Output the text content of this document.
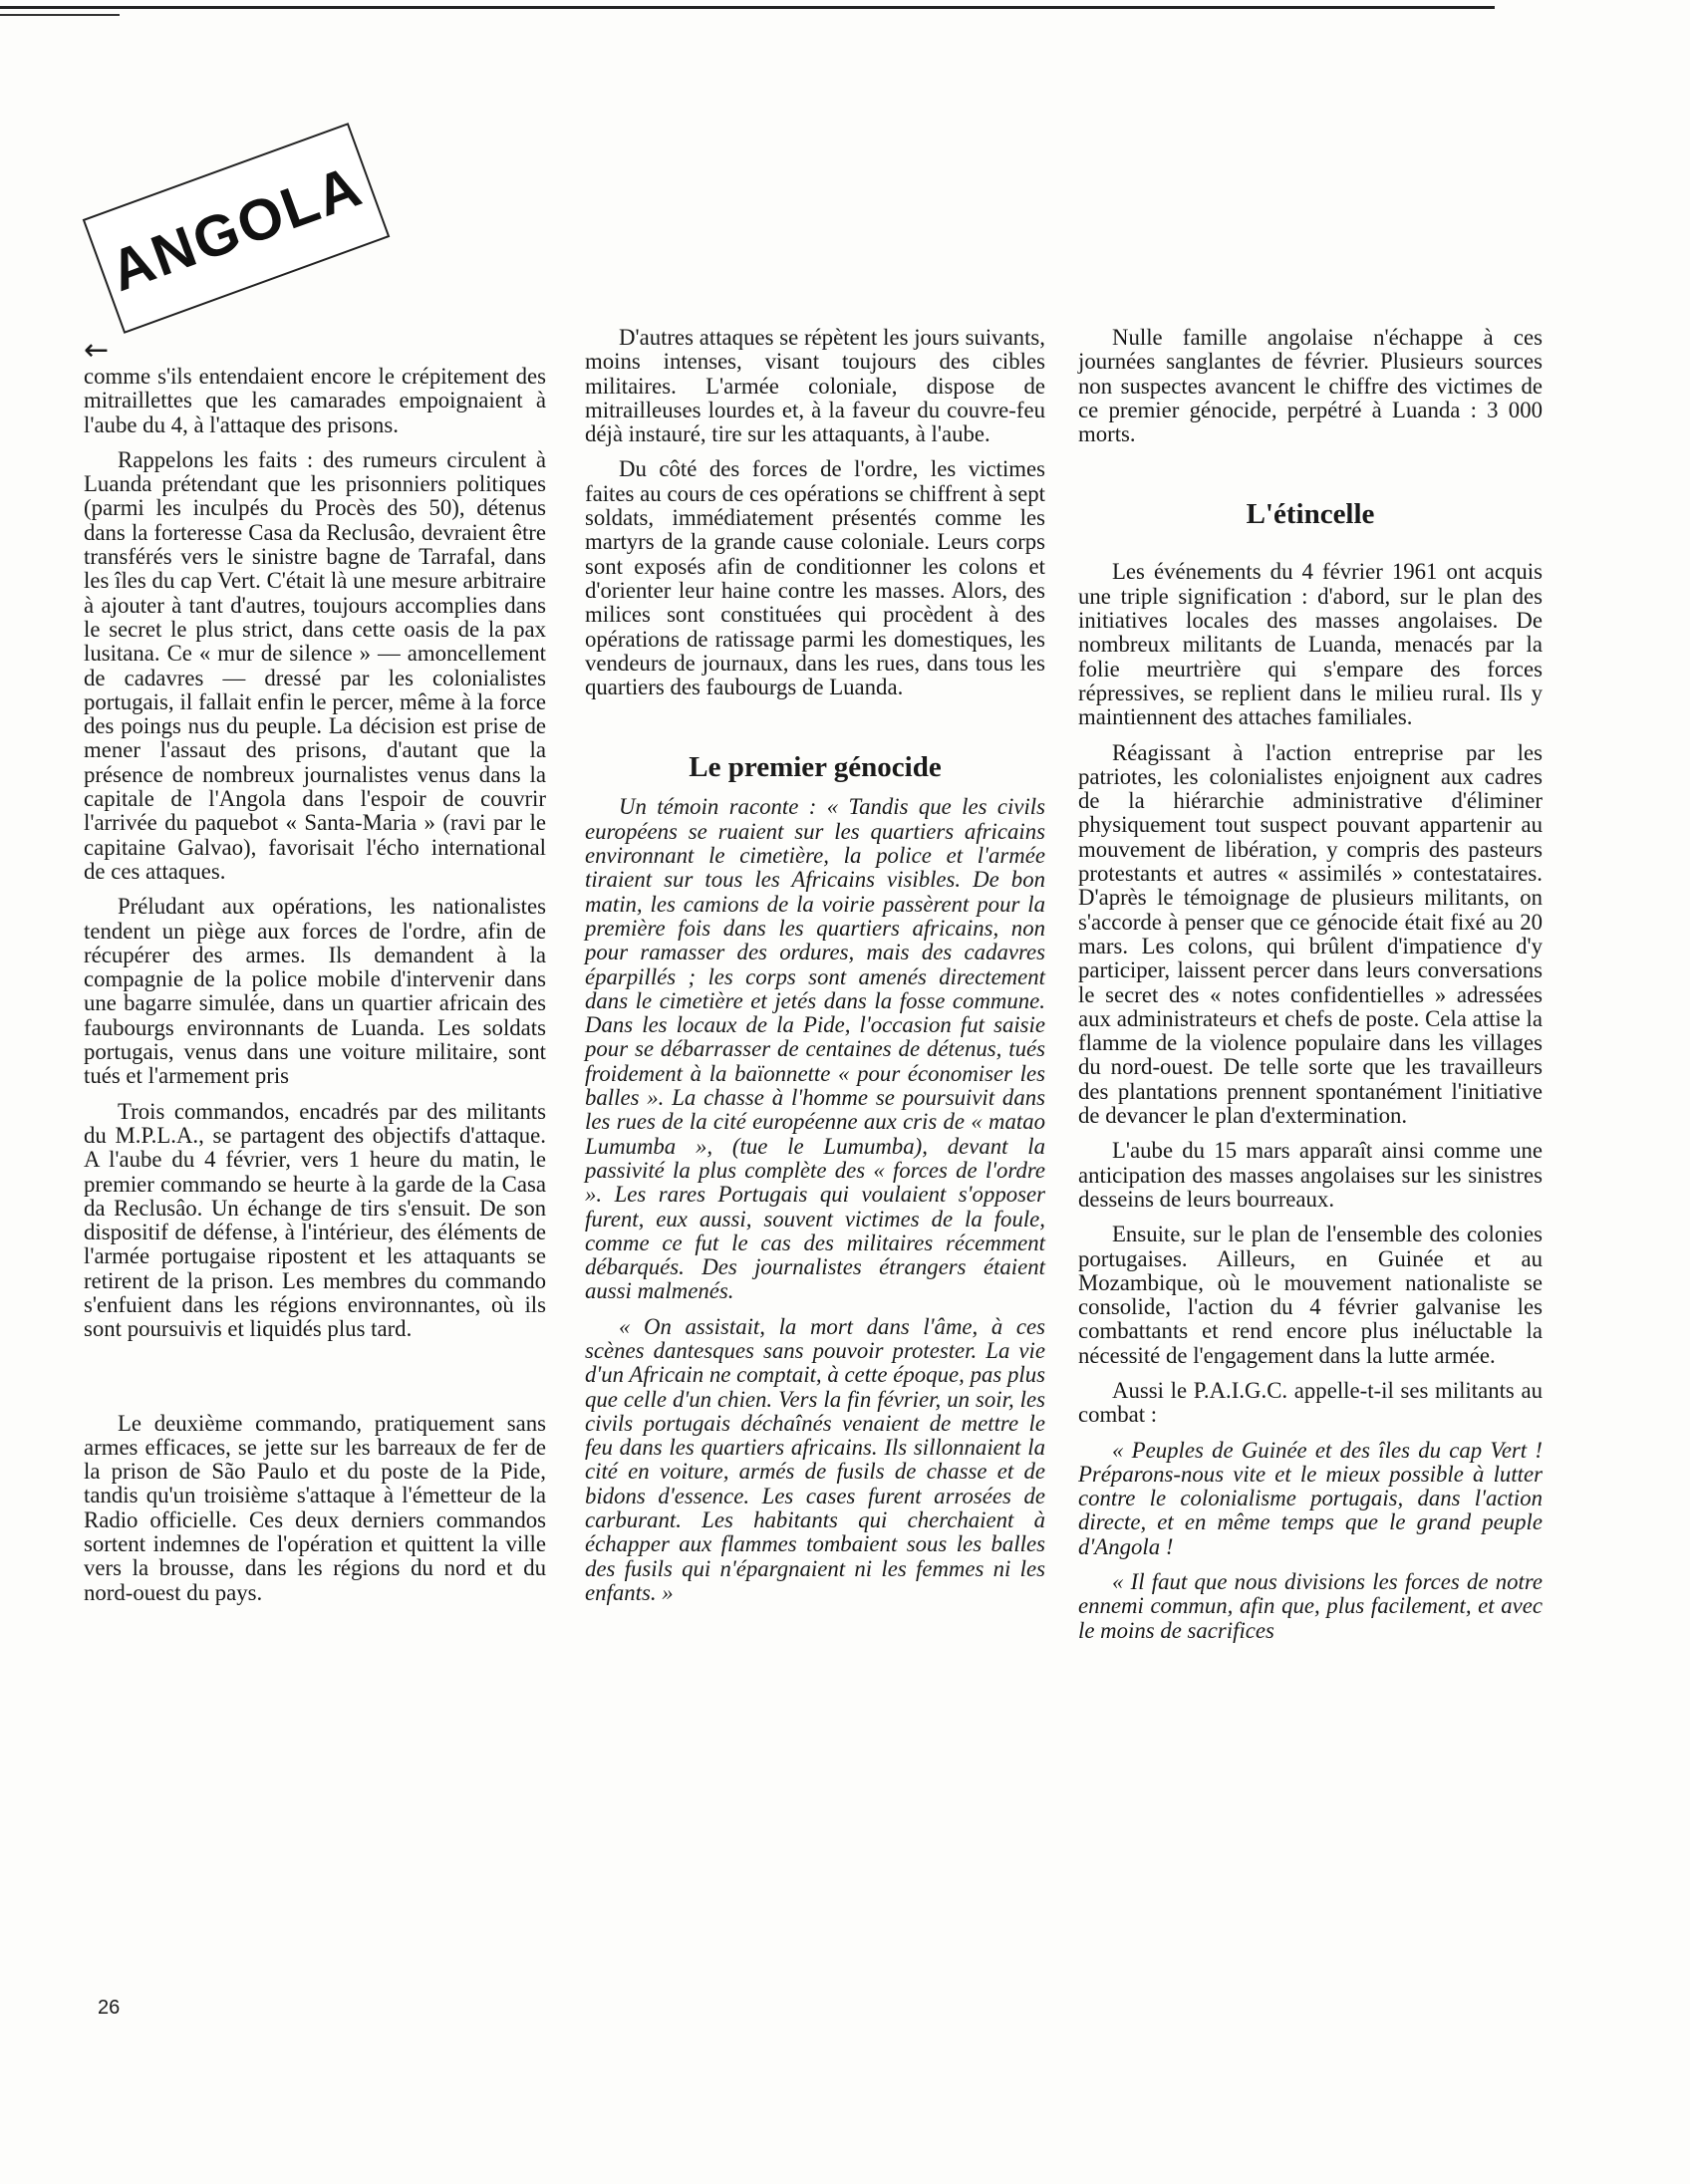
ANGOLA
←

comme s'ils entendaient encore le crépitement des mitraillettes que les camarades empoignaient à l'aube du 4, à l'attaque des prisons.

Rappelons les faits : des rumeurs circulent à Luanda prétendant que les prisonniers politiques (parmi les inculpés du Procès des 50), détenus dans la forteresse Casa da Reclusâo, devraient être transférés vers le sinistre bagne de Tarrafal, dans les îles du cap Vert. C'était là une mesure arbitraire à ajouter à tant d'autres, toujours accomplies dans le secret le plus strict, dans cette oasis de la pax lusitana. Ce « mur de silence » — amoncellement de cadavres — dressé par les colonialistes portugais, il fallait enfin le percer, même à la force des poings nus du peuple. La décision est prise de mener l'assaut des prisons, d'autant que la présence de nombreux journalistes venus dans la capitale de l'Angola dans l'espoir de couvrir l'arrivée du paquebot « Santa-Maria » (ravi par le capitaine Galvao), favorisait l'écho international de ces attaques.

Préludant aux opérations, les nationalistes tendent un piège aux forces de l'ordre, afin de récupérer des armes. Ils demandent à la compagnie de la police mobile d'intervenir dans une bagarre simulée, dans un quartier africain des faubourgs environnants de Luanda. Les soldats portugais, venus dans une voiture militaire, sont tués et l'armement pris

Trois commandos, encadrés par des militants du M.P.L.A., se partagent des objectifs d'attaque. A l'aube du 4 février, vers 1 heure du matin, le premier commando se heurte à la garde de la Casa da Reclusâo. Un échange de tirs s'ensuit. De son dispositif de défense, à l'intérieur, des éléments de l'armée portugaise ripostent et les attaquants se retirent de la prison. Les membres du commando s'enfuient dans les régions environnantes, où ils sont poursuivis et liquidés plus tard.

Le deuxième commando, pratiquement sans armes efficaces, se jette sur les barreaux de fer de la prison de São Paulo et du poste de la Pide, tandis qu'un troisième s'attaque à l'émetteur de la Radio officielle. Ces deux derniers commandos sortent indemnes de l'opération et quittent la ville vers la brousse, dans les régions du nord et du nord-ouest du pays.

D'autres attaques se répètent les jours suivants, moins intenses, visant toujours des cibles militaires. L'armée coloniale, dispose de mitrailleuses lourdes et, à la faveur du couvre-feu déjà instauré, tire sur les attaquants, à l'aube.

Du côté des forces de l'ordre, les victimes faites au cours de ces opérations se chiffrent à sept soldats, immédiatement présentés comme les martyrs de la grande cause coloniale. Leurs corps sont exposés afin de conditionner les colons et d'orienter leur haine contre les masses. Alors, des milices sont constituées qui procèdent à des opérations de ratissage parmi les domestiques, les vendeurs de journaux, dans les rues, dans tous les quartiers des faubourgs de Luanda.

Le premier génocide

Un témoin raconte : « Tandis que les civils européens se ruaient sur les quartiers africains environnant le cimetière, la police et l'armée tiraient sur tous les Africains visibles. De bon matin, les camions de la voirie passèrent pour la première fois dans les quartiers africains, non pour ramasser des ordures, mais des cadavres éparpillés ; les corps sont amenés directement dans le cimetière et jetés dans la fosse commune. Dans les locaux de la Pide, l'occasion fut saisie pour se débarrasser de centaines de détenus, tués froidement à la baïonnette « pour économiser les balles ». La chasse à l'homme se poursuivit dans les rues de la cité européenne aux cris de « matao Lumumba », (tue le Lumumba), devant la passivité la plus complète des « forces de l'ordre ». Les rares Portugais qui voulaient s'opposer furent, eux aussi, souvent victimes de la foule, comme ce fut le cas des militaires récemment débarqués. Des journalistes étrangers étaient aussi malmenés.

« On assistait, la mort dans l'âme, à ces scènes dantesques sans pouvoir protester. La vie d'un Africain ne comptait, à cette époque, pas plus que celle d'un chien. Vers la fin février, un soir, les civils portugais déchaînés venaient de mettre le feu dans les quartiers africains. Ils sillonnaient la cité en voiture, armés de fusils de chasse et de bidons d'essence. Les cases furent arrosées de carburant. Les habitants qui cherchaient à échapper aux flammes tombaient sous les balles des fusils qui n'épargnaient ni les femmes ni les enfants. »

Nulle famille angolaise n'échappe à ces journées sanglantes de février. Plusieurs sources non suspectes avancent le chiffre des victimes de ce premier génocide, perpétré à Luanda : 3 000 morts.

L'étincelle

Les événements du 4 février 1961 ont acquis une triple signification : d'abord, sur le plan des initiatives locales des masses angolaises. De nombreux militants de Luanda, menacés par la folie meurtrière qui s'empare des forces répressives, se replient dans le milieu rural. Ils y maintiennent des attaches familiales.

Réagissant à l'action entreprise par les patriotes, les colonialistes enjoignent aux cadres de la hiérarchie administrative d'éliminer physiquement tout suspect pouvant appartenir au mouvement de libération, y compris des pasteurs protestants et autres « assimilés » contestataires. D'après le témoignage de plusieurs militants, on s'accorde à penser que ce génocide était fixé au 20 mars. Les colons, qui brûlent d'impatience d'y participer, laissent percer dans leurs conversations le secret des « notes confidentielles » adressées aux administrateurs et chefs de poste. Cela attise la flamme de la violence populaire dans les villages du nord-ouest. De telle sorte que les travailleurs des plantations prennent spontanément l'initiative de devancer le plan d'extermination.

L'aube du 15 mars apparaît ainsi comme une anticipation des masses angolaises sur les sinistres desseins de leurs bourreaux.

Ensuite, sur le plan de l'ensemble des colonies portugaises. Ailleurs, en Guinée et au Mozambique, où le mouvement nationaliste se consolide, l'action du 4 février galvanise les combattants et rend encore plus inéluctable la nécessité de l'engagement dans la lutte armée.

Aussi le P.A.I.G.C. appelle-t-il ses militants au combat :

« Peuples de Guinée et des îles du cap Vert ! Préparons-nous vite et le mieux possible à lutter contre le colonialisme portugais, dans l'action directe, et en même temps que le grand peuple d'Angola !

« Il faut que nous divisions les forces de notre ennemi commun, afin que, plus facilement, et avec le moins de sacrifices

26
